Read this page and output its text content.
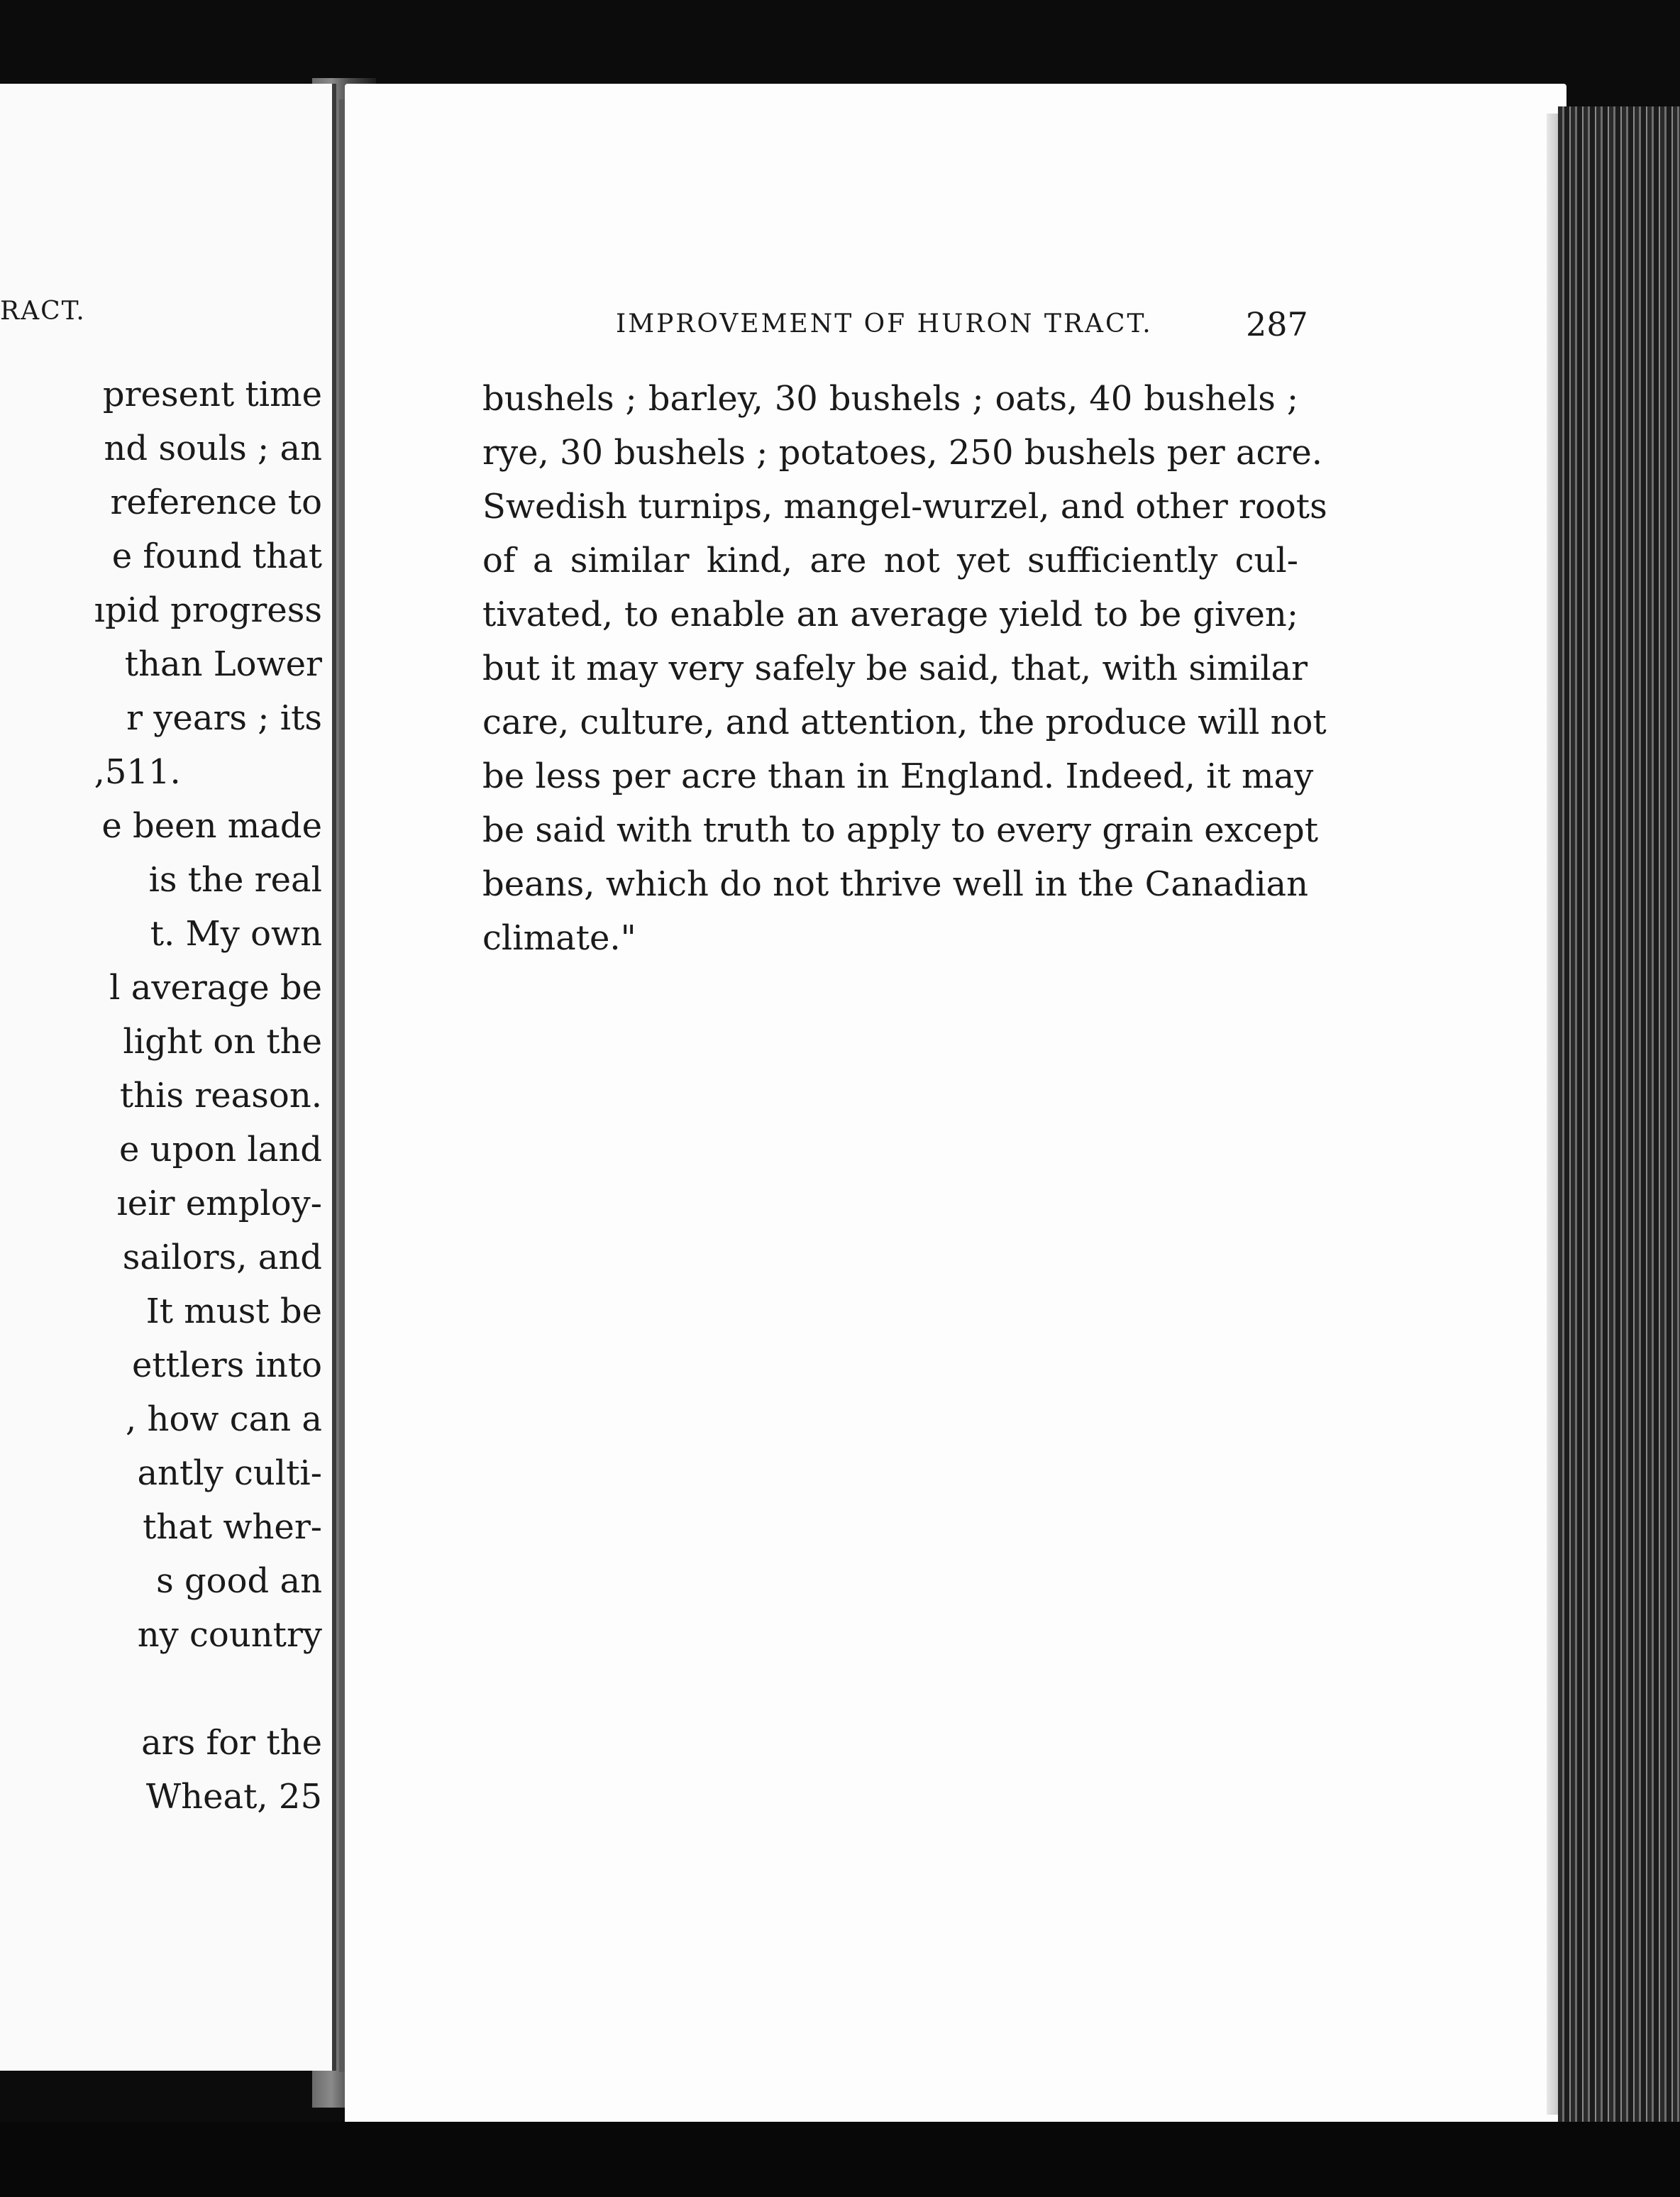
RACT.
present time
nd souls ; an
reference to
e found that
ıpid progress
than Lower
r years ; its
,511.
e been made
is the real
t. My own
l average be
light on the
this reason.
e upon land
ıeir employ-
sailors, and
It must be
ettlers into
, how can a
antly culti-
that wher-
s good an
ny country
ars for the
Wheat, 25
IMPROVEMENT OF HURON TRACT.	287
bushels ; barley, 30 bushels ; oats, 40 bushels ;
rye, 30 bushels ; potatoes, 250 bushels per acre.
Swedish turnips, mangel-wurzel, and other roots
of a similar kind, are not yet sufficiently cul-
tivated, to enable an average yield to be given;
but it may very safely be said, that, with similar
care, culture, and attention, the produce will not
be less per acre than in England. Indeed, it may
be said with truth to apply to every grain except
beans, which do not thrive well in the Canadian
climate."
